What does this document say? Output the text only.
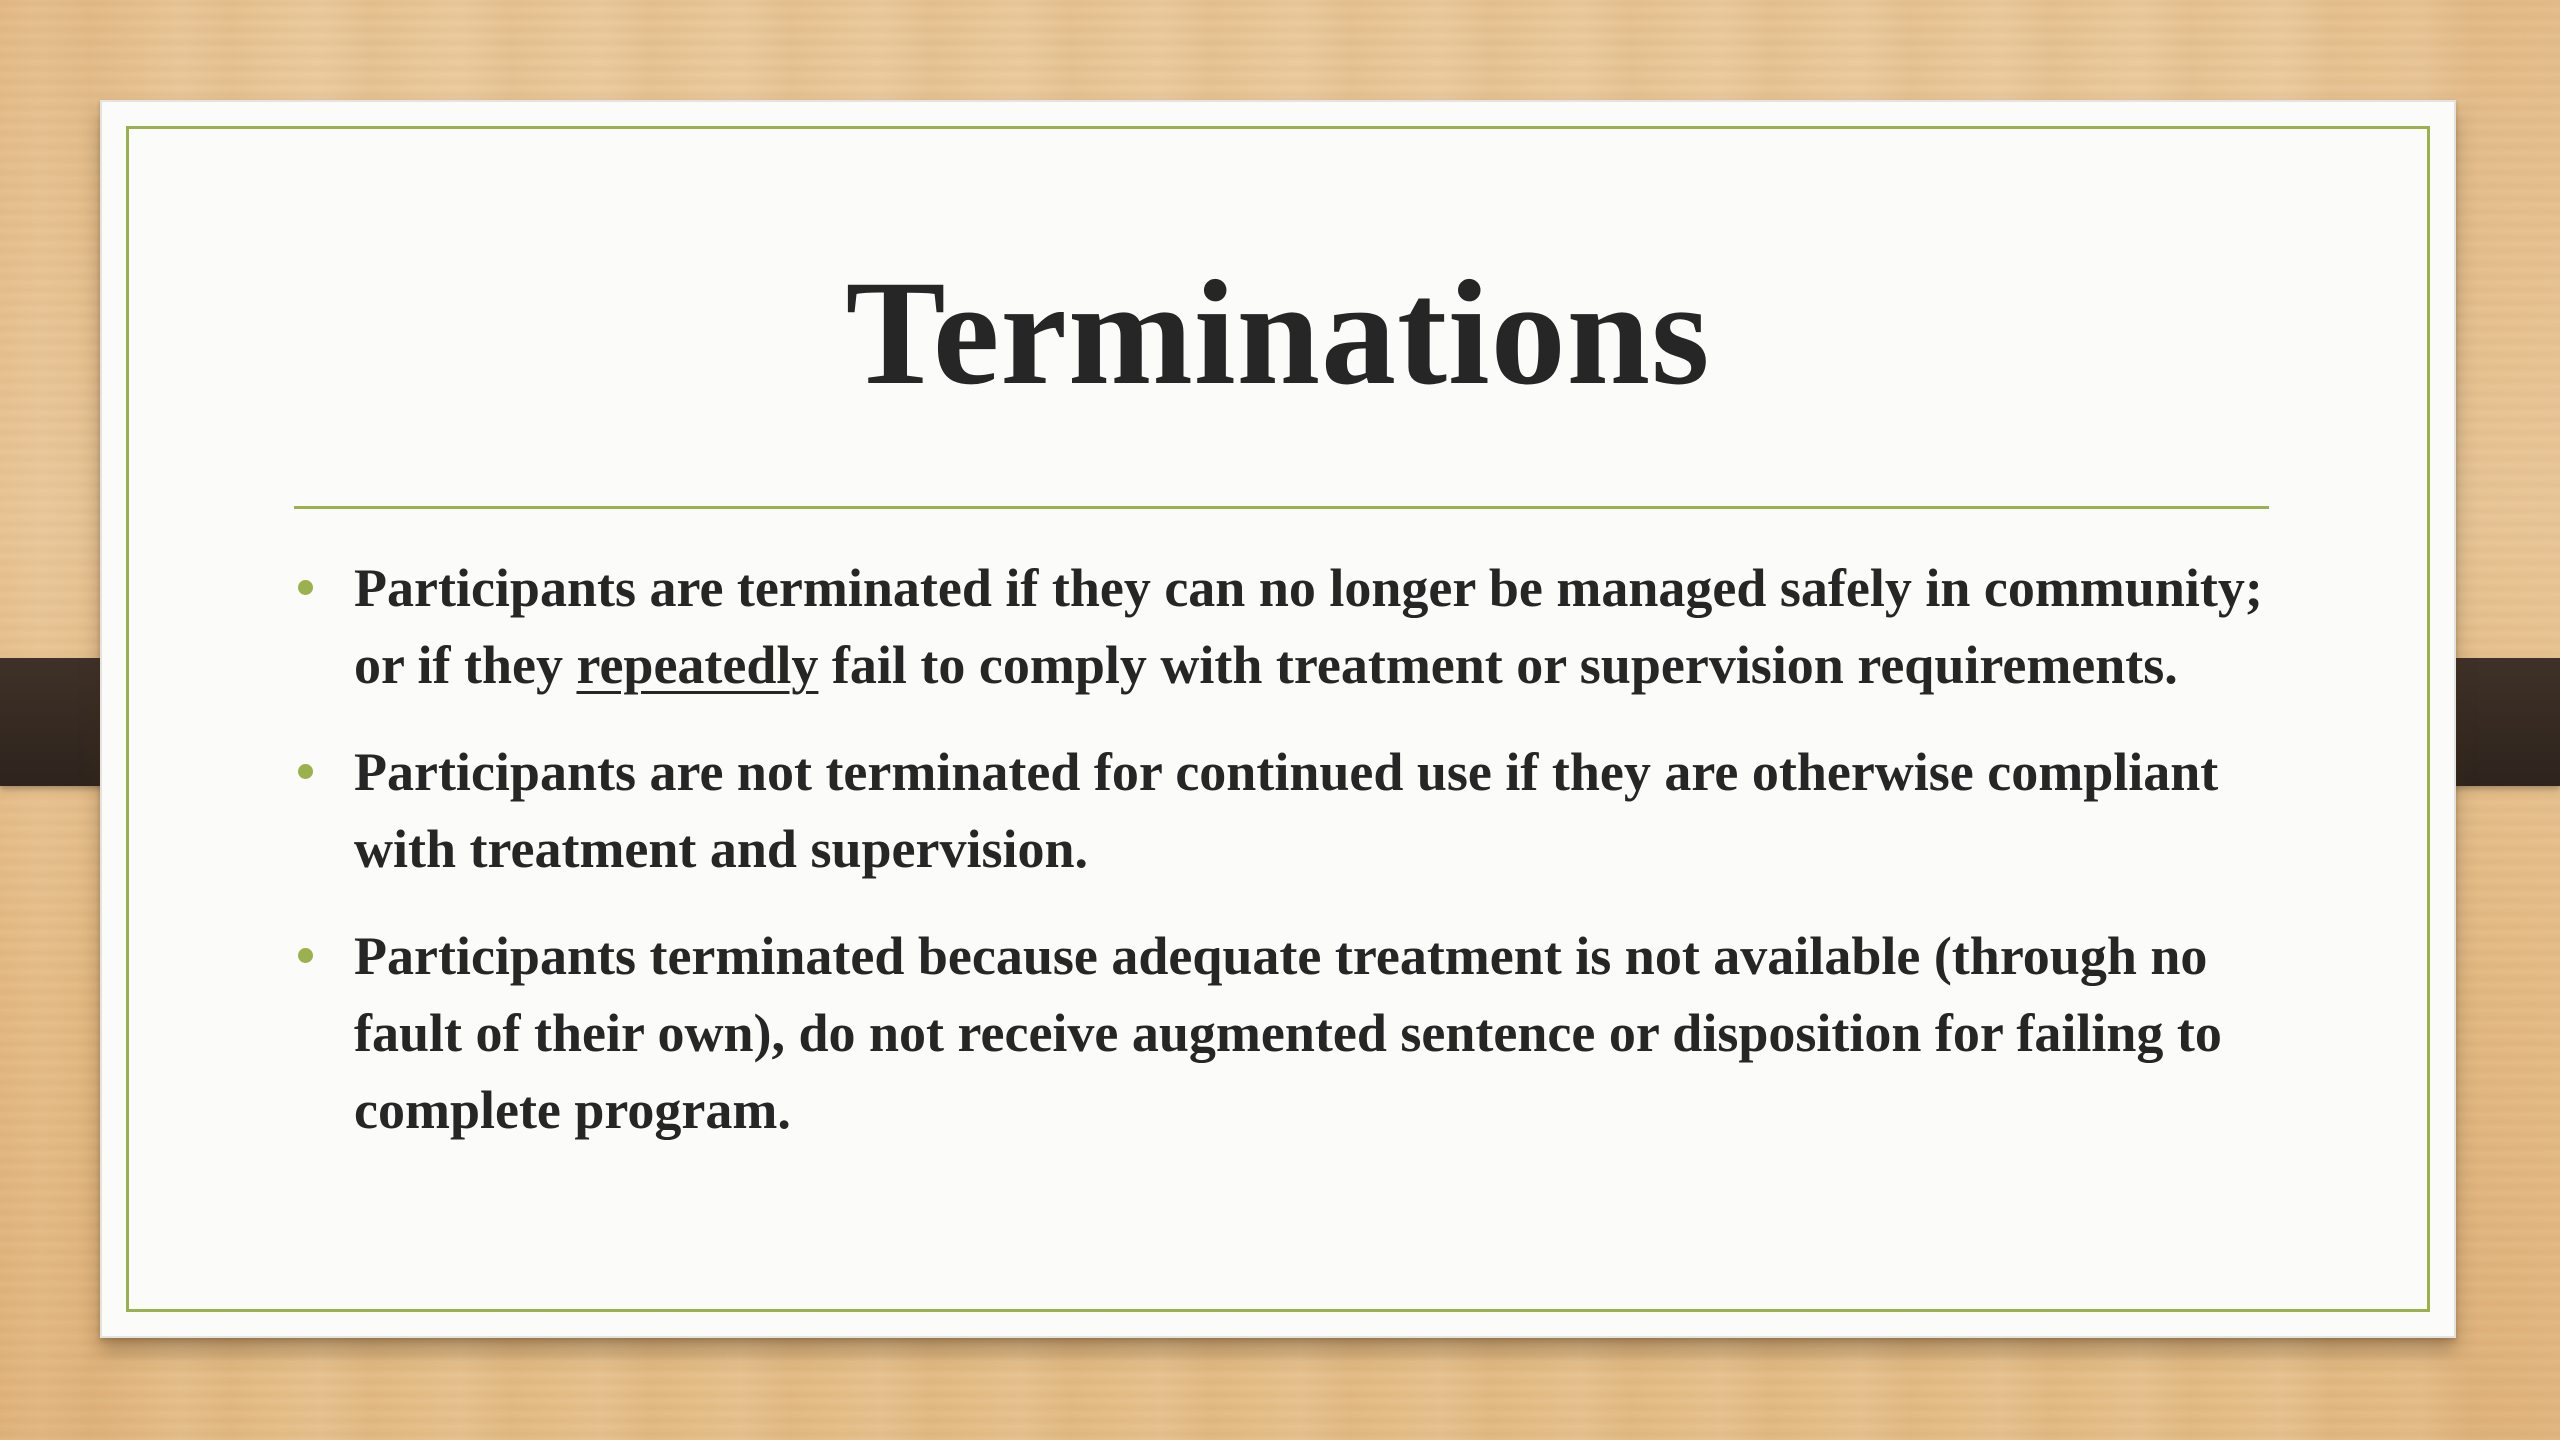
Terminations
Participants are terminated if they can no longer be managed safely in community; or if they repeatedly fail to comply with treatment or supervision requirements.
Participants are not terminated for continued use if they are otherwise compliant with treatment and supervision.
Participants terminated because adequate treatment is not available (through no fault of their own), do not receive augmented sentence or disposition for failing to complete program.
